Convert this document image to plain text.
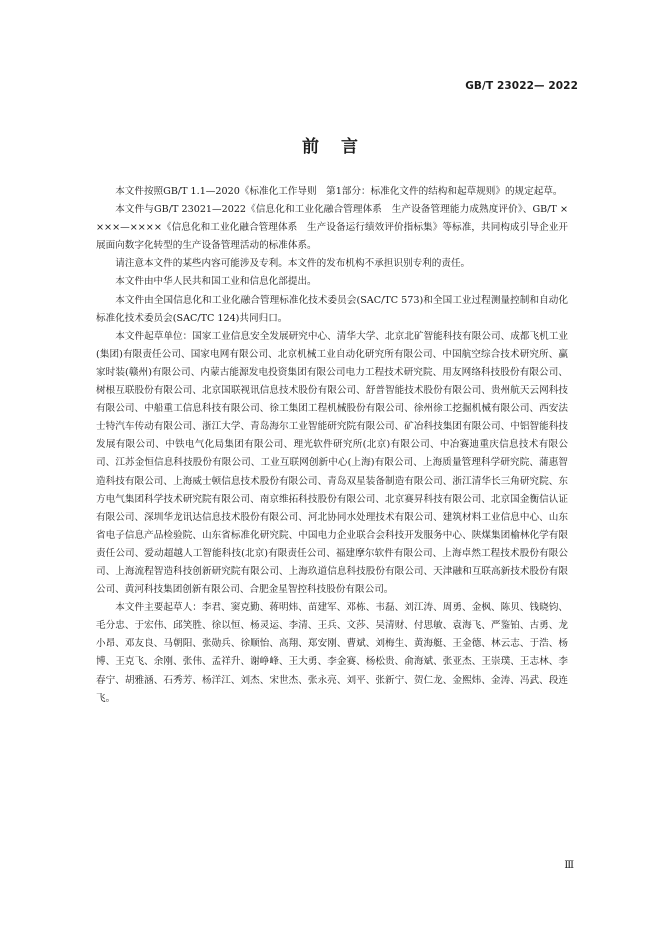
GB/T 23022— 2022
前言

本文件按照GB/T 1.1—2020《标准化工作导则　第1部分：标准化文件的结构和起草规则》的规定起草。

本文件与GB/T 23021—2022《信息化和工业化融合管理体系　生产设备管理能力成熟度评价》、GB/T ××××—××××《信息化和工业化融合管理体系　生产设备运行绩效评价指标集》等标准，共同构成引导企业开展面向数字化转型的生产设备管理活动的标准体系。

请注意本文件的某些内容可能涉及专利。本文件的发布机构不承担识别专利的责任。

本文件由中华人民共和国工业和信息化部提出。

本文件由全国信息化和工业化融合管理标准化技术委员会(SAC/TC 573)和全国工业过程测量控制和自动化标准化技术委员会(SAC/TC 124)共同归口。

本文件起草单位：国家工业信息安全发展研究中心、清华大学、北京北矿智能科技有限公司、成都飞机工业(集团)有限责任公司、国家电网有限公司、北京机械工业自动化研究所有限公司、中国航空综合技术研究所、赢家时装(赣州)有限公司、内蒙古能源发电投资集团有限公司电力工程技术研究院、用友网络科技股份有限公司、树根互联股份有限公司、北京国联视讯信息技术股份有限公司、舒普智能技术股份有限公司、贵州航天云网科技有限公司、中船重工信息科技有限公司、徐工集团工程机械股份有限公司、徐州徐工挖掘机械有限公司、西安法士特汽车传动有限公司、浙江大学、青岛海尔工业智能研究院有限公司、矿冶科技集团有限公司、中铝智能科技发展有限公司、中铁电气化局集团有限公司、理光软件研究所(北京)有限公司、中冶赛迪重庆信息技术有限公司、江苏金恒信息科技股份有限公司、工业互联网创新中心(上海)有限公司、上海质量管理科学研究院、蒲惠智造科技有限公司、上海威士顿信息技术股份有限公司、青岛双星装备制造有限公司、浙江清华长三角研究院、东方电气集团科学技术研究院有限公司、南京维拓科技股份有限公司、北京赛昇科技有限公司、北京国金衡信认证有限公司、深圳华龙讯达信息技术股份有限公司、河北协同水处理技术有限公司、建筑材料工业信息中心、山东省电子信息产品检验院、山东省标准化研究院、中国电力企业联合会科技开发服务中心、陕煤集团榆林化学有限责任公司、爱动超越人工智能科技(北京)有限责任公司、福建摩尔软件有限公司、上海卓然工程技术股份有限公司、上海流程智造科技创新研究院有限公司、上海玖道信息科技股份有限公司、天津融和互联高新技术股份有限公司、黄河科技集团创新有限公司、合肥金星智控科技股份有限公司。

本文件主要起草人：李君、窦克勤、蒋明炜、苗建军、邓栋、韦磊、刘江涛、周勇、金枫、陈贝、钱晓钧、毛分忠、于宏伟、邱笑胜、徐以恒、杨灵运、李清、王兵、文莎、吴清财、付思敏、袁海飞、严鉴铂、古勇、龙小昂、邓友良、马朝阳、张勋兵、徐顺怡、高翔、郑安刚、曹斌、刘梅生、黄海艇、王金德、林云志、于浩、杨博、王克飞、余刚、张伟、孟祥升、谢峥峰、王大勇、李金赛、杨松贵、俞海斌、张亚杰、王崇璞、王志林、李春宁、胡雅涵、石秀芳、杨洋江、刘杰、宋世杰、张永亮、刘平、张新宁、贺仁龙、金熙炜、金涛、冯武、段连飞。

Ⅲ
